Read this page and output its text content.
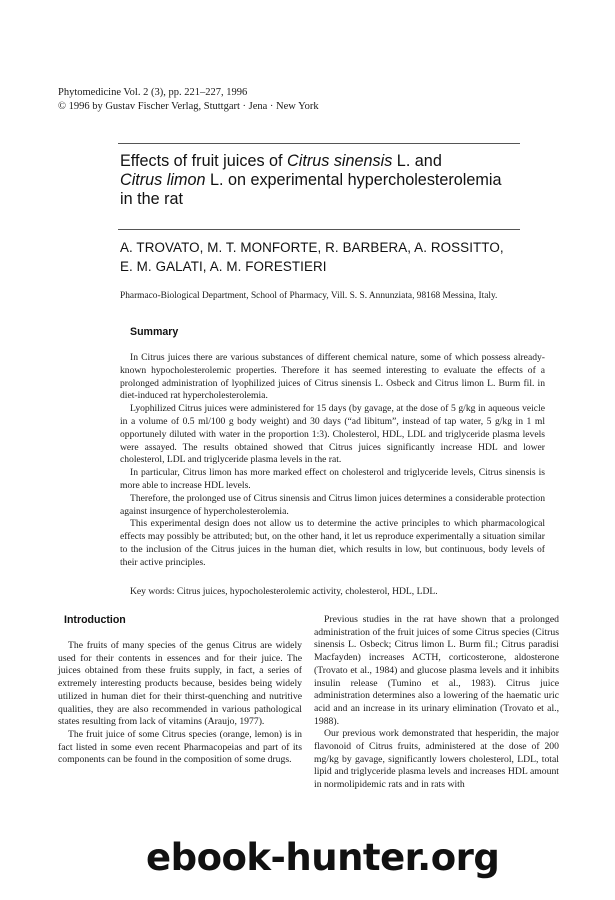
Phytomedicine Vol. 2 (3), pp. 221–227, 1996
© 1996 by Gustav Fischer Verlag, Stuttgart · Jena · New York
Effects of fruit juices of Citrus sinensis L. and
Citrus limon L. on experimental hypercholesterolemia
in the rat
A. TROVATO, M. T. MONFORTE, R. BARBERA, A. ROSSITTO,
E. M. GALATI, A. M. FORESTIERI
Pharmaco-Biological Department, School of Pharmacy, Vill. S. S. Annunziata, 98168 Messina, Italy.
Summary

In Citrus juices there are various substances of different chemical nature, some of which possess already-known hypocholesterolemic properties. Therefore it has seemed interesting to evaluate the effects of a prolonged administration of lyophilized juices of Citrus sinensis L. Osbeck and Citrus limon L. Burm fil. in diet-induced rat hypercholesterolemia.

Lyophilized Citrus juices were administered for 15 days (by gavage, at the dose of 5 g/kg in aqueous veicle in a volume of 0.5 ml/100 g body weight) and 30 days (“ad libitum”, instead of tap water, 5 g/kg in 1 ml opportunely diluted with water in the proportion 1:3). Cholesterol, HDL, LDL and triglyceride plasma levels were assayed. The results obtained showed that Citrus juices significantly increase HDL and lower cholesterol, LDL and triglyceride plasma levels in the rat.

In particular, Citrus limon has more marked effect on cholesterol and triglyceride levels, Citrus sinensis is more able to increase HDL levels.

Therefore, the prolonged use of Citrus sinensis and Citrus limon juices determines a considerable protection against insurgence of hypercholesterolemia.

This experimental design does not allow us to determine the active principles to which pharmacological effects may possibly be attributed; but, on the other hand, it let us reproduce experimentally a situation similar to the inclusion of the Citrus juices in the human diet, which results in low, but continuous, body levels of their active principles.

Key words: Citrus juices, hypocholesterolemic activity, cholesterol, HDL, LDL.
Introduction

The fruits of many species of the genus Citrus are widely used for their contents in essences and for their juice. The juices obtained from these fruits supply, in fact, a series of extremely interesting products because, besides being widely utilized in human diet for their thirst-quenching and nutritive qualities, they are also recommended in various pathological states resulting from lack of vitamins (Araujo, 1977).

The fruit juice of some Citrus species (orange, lemon) is in fact listed in some even recent Pharmacopeias and part of its components can be found in the composition of some drugs.

Previous studies in the rat have shown that a prolonged administration of the fruit juices of some Citrus species (Citrus sinensis L. Osbeck; Citrus limon L. Burm fil.; Citrus paradisi Macfayden) increases ACTH, corticosterone, aldosterone (Trovato et al., 1984) and glucose plasma levels and it inhibits insulin release (Tumino et al., 1983). Citrus juice administration determines also a lowering of the haematic uric acid and an increase in its urinary elimination (Trovato et al., 1988).

Our previous work demonstrated that hesperidin, the major flavonoid of Citrus fruits, administered at the dose of 200 mg/kg by gavage, significantly lowers cholesterol, LDL, total lipid and triglyceride plasma levels and increases HDL amount in normolipidemic rats and in rats with

ebook-hunter.org
